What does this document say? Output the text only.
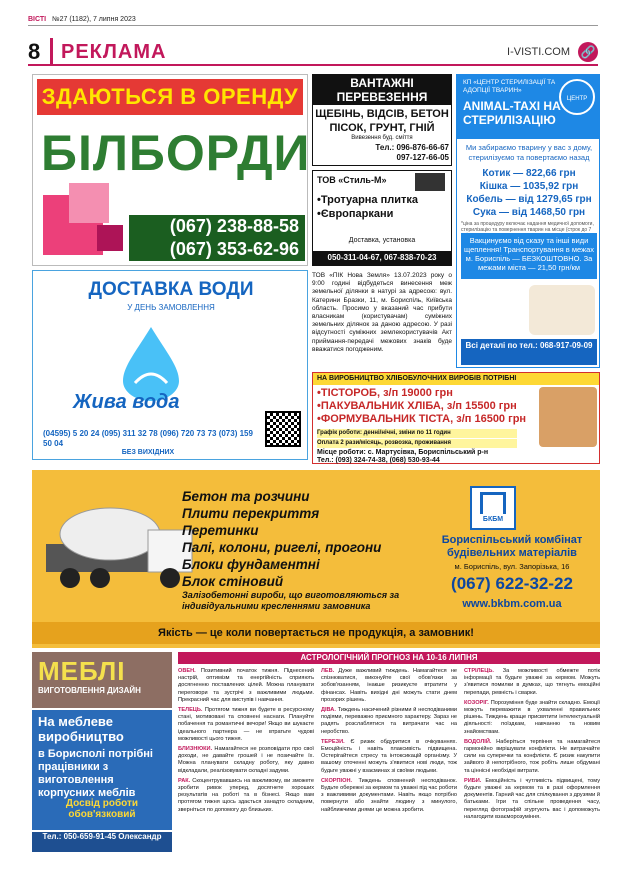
ВІСТІ №27 (1182), 7 липня 2023
8	РЕКЛАМА	I-VISTI.COM 🔗
ЗДАЮТЬСЯ В ОРЕНДУ
БІЛБОРДИ
(067) 238-88-58
(067) 353-62-96
ВАНТАЖНІ ПЕРЕВЕЗЕННЯ
ЩЕБІНЬ, ВІДСІВ, БЕТОН ПІСОК, ГРУНТ, ГНІЙ
Вивезення буд. сміття
Тел.: 096-876-66-67
097-127-66-05
ТОВ «Стиль-М»
•Тротуарна плитка
•Європаркани
Доставка, установка
050-311-04-67, 067-838-70-23
КП «ЦЕНТР СТЕРИЛІЗАЦІЇ ТА АДОПЦІЇ ТВАРИН»
ANIMAL-TAXI НА СТЕРИЛІЗАЦІЮ
ЦЕНТР
Ми забираємо тварину у вас з дому, стерилізуємо та повертаємо назад
Котик — 822,66 грн
Кішка — 1035,92 грн
Кобель — від 1279,65 грн
Сука — від 1468,50 грн
*ціна за процедуру включає надання медичної допомоги, стерилізацію та повернення тварин на місце (строк до 7
Вакцинуємо від сказу та інші види щеплення! Транспортування в межах м. Бориспіль — БЕЗКОШТОВНО. За межами міста — 21,50 грн/км
Всі деталі по тел.: 068-917-09-09
ДОСТАВКА ВОДИ
У ДЕНЬ ЗАМОВЛЕННЯ
Жива вода
(04595) 5 20 24 (095) 311 32 78 (096) 720 73 73 (073) 159 50 04
БЕЗ ВИХІДНИХ
ТОВ «ПІК Нова Земля» 13.07.2023 року о 9:00 годині відбудеться винесення меж земельної ділянки в натурі за адресою: вул. Катерини Бразки, 11, м. Бориспіль, Київська область. Просимо у вказаний час прибути власникам (користувачам) суміжних земельних ділянок за даною адресою. У разі відсутності суміжних землекористувачів Акт приймання-передачі межових знаків буде вважатися погодженим.
НА ВИРОБНИЦТВО ХЛІБОБУЛОЧНИХ ВИРОБІВ ПОТРІБНІ
•ТІСТОРОБ, з/п 19000 грн
•ПАКУВАЛЬНИК ХЛІБА, з/п 15500 грн
•ФОРМУВАЛЬНИК ТІСТА, з/п 16500 грн
Графік роботи: денні/нічні, зміни по 11 годин
Оплата 2 рази/місяць, розвозка, проживання
Місце роботи: с. Мартусівка, Бориспільський р-н
Тел.: (093) 324-74-38, (068) 530-93-44
Бетон та розчини
Плити перекриття
Перетинки
Палі, колони, ригелі, прогони
Блоки фундаментні
Блок стіновий
Залізобетонні вироби, що виготовляються за індивідуальними кресленнями замовника
БКБМ
Бориспільський комбінат будівельних матеріалів
м. Бориспіль, вул. Запорізька, 16
(067) 622-32-22
www.bkbm.com.ua
Якість — це коли повертається не продукція, а замовник!
МЕБЛІ
ВИГОТОВЛЕННЯ ДИЗАЙН
На меблеве виробництво
в Борисполі потрібні працівники з виготовлення корпусних меблів
Досвід роботи обов'язковий
Тел.: 050-659-91-45 Олександр
АСТРОЛОГІЧНИЙ ПРОГНОЗ НА 10-16 ЛИПНЯ

ОВЕН. Позитивний початок тижня. Піднесений настрій, оптимізм та енергійність сприяють досягненню поставлених цілей. Можна планувати переговори та зустрічі з важливими людьми. Прекрасний час для виступів і навчання.

ТЕЛЕЦЬ. Протягом тижня ви будете в ресурсному стані, мотивовані та сповнені наснаги. Плануйте побачення та романтичні вечори! Якщо ви шукаєте ідеального партнера — не втратьте чудові можливості цього тижня.

БЛИЗНЮКИ. Намагайтеся не розповідати про свої доходи, не давайте грошей і не позичайте їх. Можна планувати складну роботу, яку давно відкладали, реалізовувати складні задуми.

РАК. Скоцентрувавшись на важливому, ви зможете зробити ривок уперед, досягнете хороших результатів на роботі та в бізнесі. Якщо вам протягом тижня щось здається занадто складним, зверніться по допомогу до близьких.

ЛЕВ. Дуже важливий тиждень. Намагайтеся не спізнюватися, виконуйте свої обов'язки за зобов'язанням, інакше ризикуєте втратити у фінансах. Навіть вихідні дні можуть стати днем прозорих рішень.

ДІВА. Тиждень насичений різними й несподіваними подіями, переважно приємного характеру. Зараз не радять розслаблятися та витрачати час на неробство.

ТЕРЕЗИ. Є ризик обдуритися в очікуваннях. Емоційність і навіть плаксивість підвищена. Остерігайтеся стресу та інтоксикацій організму. У вашому оточенні можуть з'явитися нові люди, тож будьте уважні у взаєминах зі своїми людьми.

СКОРПІОН. Тиждень сповнений несподіванок. Будьте обережні за кермом та уважні під час роботи з важливими документами. Навіть якщо потрібно повернути або знайти людину з минулого, найближчими днями це можна зробити.

СТРІЛЕЦЬ. За можливості обмежте потік інформації та будьте уважні за кермом. Можуть з'явитися помилки в думках, що тягнуть емоційні перепади, ревність і сварки.

КОЗОРІГ. Порозуміння буде знайти складно. Емоції можуть переважити в ухваленні правильних рішень. Тиждень краще присвятити інтелектуальній діяльності: поїздкам, навчанню та новим знайомствам.

ВОДОЛІЙ. Наберіться терпіння та намагайтеся гармонійно вирішувати конфлікти. Не витрачайте сили на суперечки та конфлікти. Є ризик накупити зайвого й непотрібного, тож робіть лише обдумані та ціннісні необхідні витрати.

РИБИ. Емоційність і чутливість підвищені, тому будьте уважні за кермом та в разі оформлення документів. Гарний час для спілкування з друзями й батьками. Ігри та спільне проведення часу, перегляд фотографій згуртують вас і допоможуть налагодити взаєморозуміння.
